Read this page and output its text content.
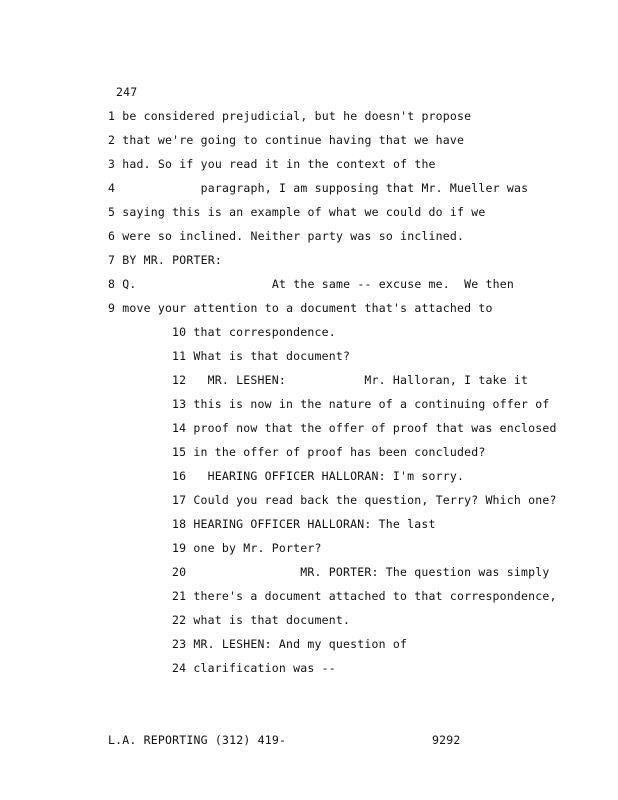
247
1 be considered prejudicial, but he doesn't propose
2 that we're going to continue having that we have
3 had. So if you read it in the context of the
4            paragraph, I am supposing that Mr. Mueller was
5 saying this is an example of what we could do if we
6 were so inclined. Neither party was so inclined.
7 BY MR. PORTER:
8 Q.                   At the same -- excuse me.  We then
9 move your attention to a document that's attached to
10 that correspondence.
11 What is that document?
12   MR. LESHEN:           Mr. Halloran, I take it
13 this is now in the nature of a continuing offer of
14 proof now that the offer of proof that was enclosed
15 in the offer of proof has been concluded?
16   HEARING OFFICER HALLORAN: I'm sorry.
17 Could you read back the question, Terry? Which one?
18 HEARING OFFICER HALLORAN: The last
19 one by Mr. Porter?
20                MR. PORTER: The question was simply
21 there's a document attached to that correspondence,
22 what is that document.
23 MR. LESHEN: And my question of
24 clarification was --
L.A. REPORTING (312) 419-	9292
